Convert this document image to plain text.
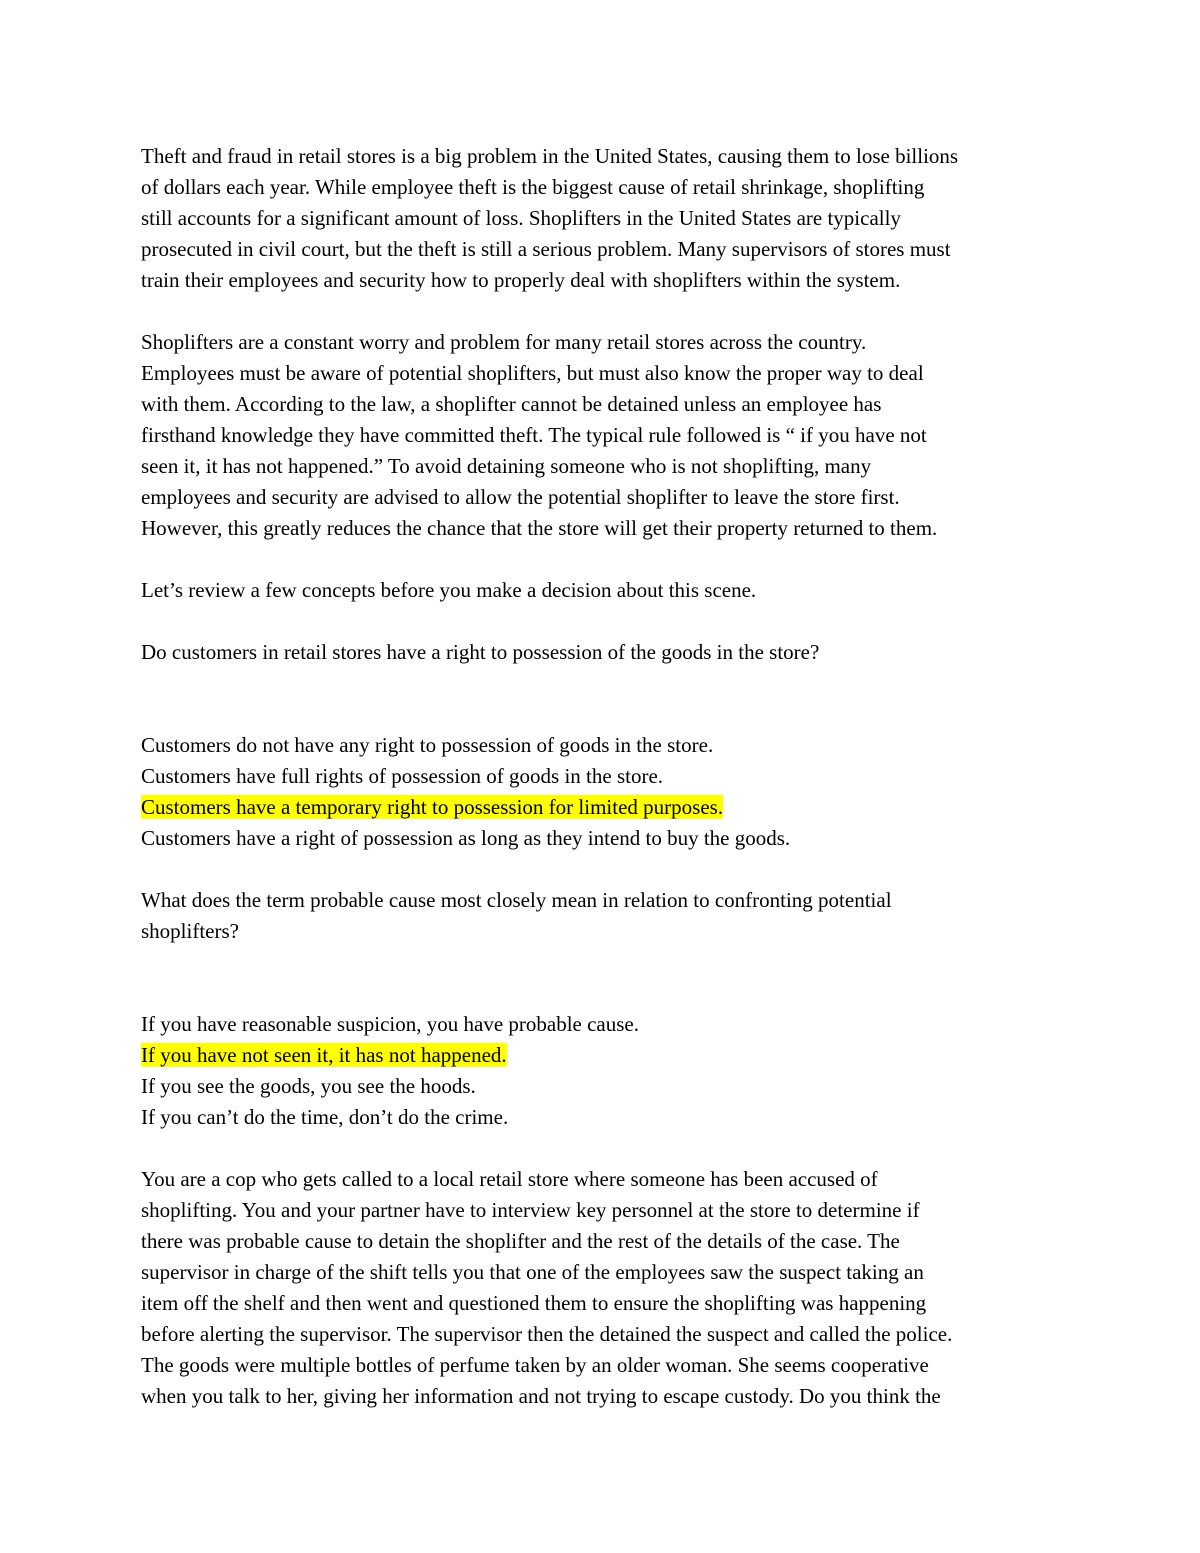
Theft and fraud in retail stores is a big problem in the United States, causing them to lose billions
of dollars each year. While employee theft is the biggest cause of retail shrinkage, shoplifting
still accounts for a significant amount of loss. Shoplifters in the United States are typically
prosecuted in civil court, but the theft is still a serious problem. Many supervisors of stores must
train their employees and security how to properly deal with shoplifters within the system.
Shoplifters are a constant worry and problem for many retail stores across the country.
Employees must be aware of potential shoplifters, but must also know the proper way to deal
with them. According to the law, a shoplifter cannot be detained unless an employee has
firsthand knowledge they have committed theft. The typical rule followed is “ if you have not
seen it, it has not happened.” To avoid detaining someone who is not shoplifting, many
employees and security are advised to allow the potential shoplifter to leave the store first.
However, this greatly reduces the chance that the store will get their property returned to them.
Let’s review a few concepts before you make a decision about this scene.
Do customers in retail stores have a right to possession of the goods in the store?
Customers do not have any right to possession of goods in the store.
Customers have full rights of possession of goods in the store.
Customers have a temporary right to possession for limited purposes.
Customers have a right of possession as long as they intend to buy the goods.
What does the term probable cause most closely mean in relation to confronting potential
shoplifters?
If you have reasonable suspicion, you have probable cause.
If you have not seen it, it has not happened.
If you see the goods, you see the hoods.
If you can’t do the time, don’t do the crime.
You are a cop who gets called to a local retail store where someone has been accused of
shoplifting. You and your partner have to interview key personnel at the store to determine if
there was probable cause to detain the shoplifter and the rest of the details of the case. The
supervisor in charge of the shift tells you that one of the employees saw the suspect taking an
item off the shelf and then went and questioned them to ensure the shoplifting was happening
before alerting the supervisor. The supervisor then the detained the suspect and called the police.
The goods were multiple bottles of perfume taken by an older woman. She seems cooperative
when you talk to her, giving her information and not trying to escape custody. Do you think the
